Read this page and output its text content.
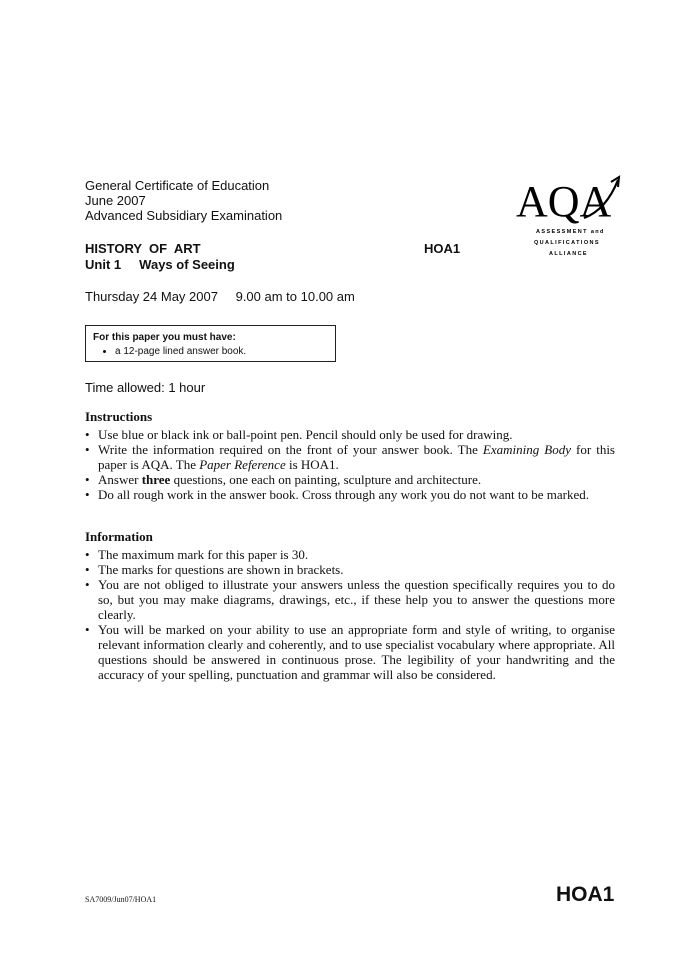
General Certificate of Education
June 2007
Advanced Subsidiary Examination	AQA
ASSESSMENT and
QUALIFICATIONS
ALLIANCE
HISTORY  OF  ART
Unit 1     Ways of Seeing
HOA1
Thursday 24 May 2007 9.00 am to 10.00 am
For this paper you must have:
• a 12-page lined answer book.
Time allowed: 1 hour
Instructions
• Use blue or black ink or ball-point pen. Pencil should only be used for drawing.
• Write the information required on the front of your answer book. The Examining Body for this paper is AQA. The Paper Reference is HOA1.
• Answer three questions, one each on painting, sculpture and architecture.
• Do all rough work in the answer book. Cross through any work you do not want to be marked.
Information
• The maximum mark for this paper is 30.
• The marks for questions are shown in brackets.
• You are not obliged to illustrate your answers unless the question specifically requires you to do so, but you may make diagrams, drawings, etc., if these help you to answer the questions more clearly.
• You will be marked on your ability to use an appropriate form and style of writing, to organise relevant information clearly and coherently, and to use specialist vocabulary where appropriate. All questions should be answered in continuous prose. The legibility of your handwriting and the accuracy of your spelling, punctuation and grammar will also be considered.
SA7009/Jun07/HOA1	HOA1
